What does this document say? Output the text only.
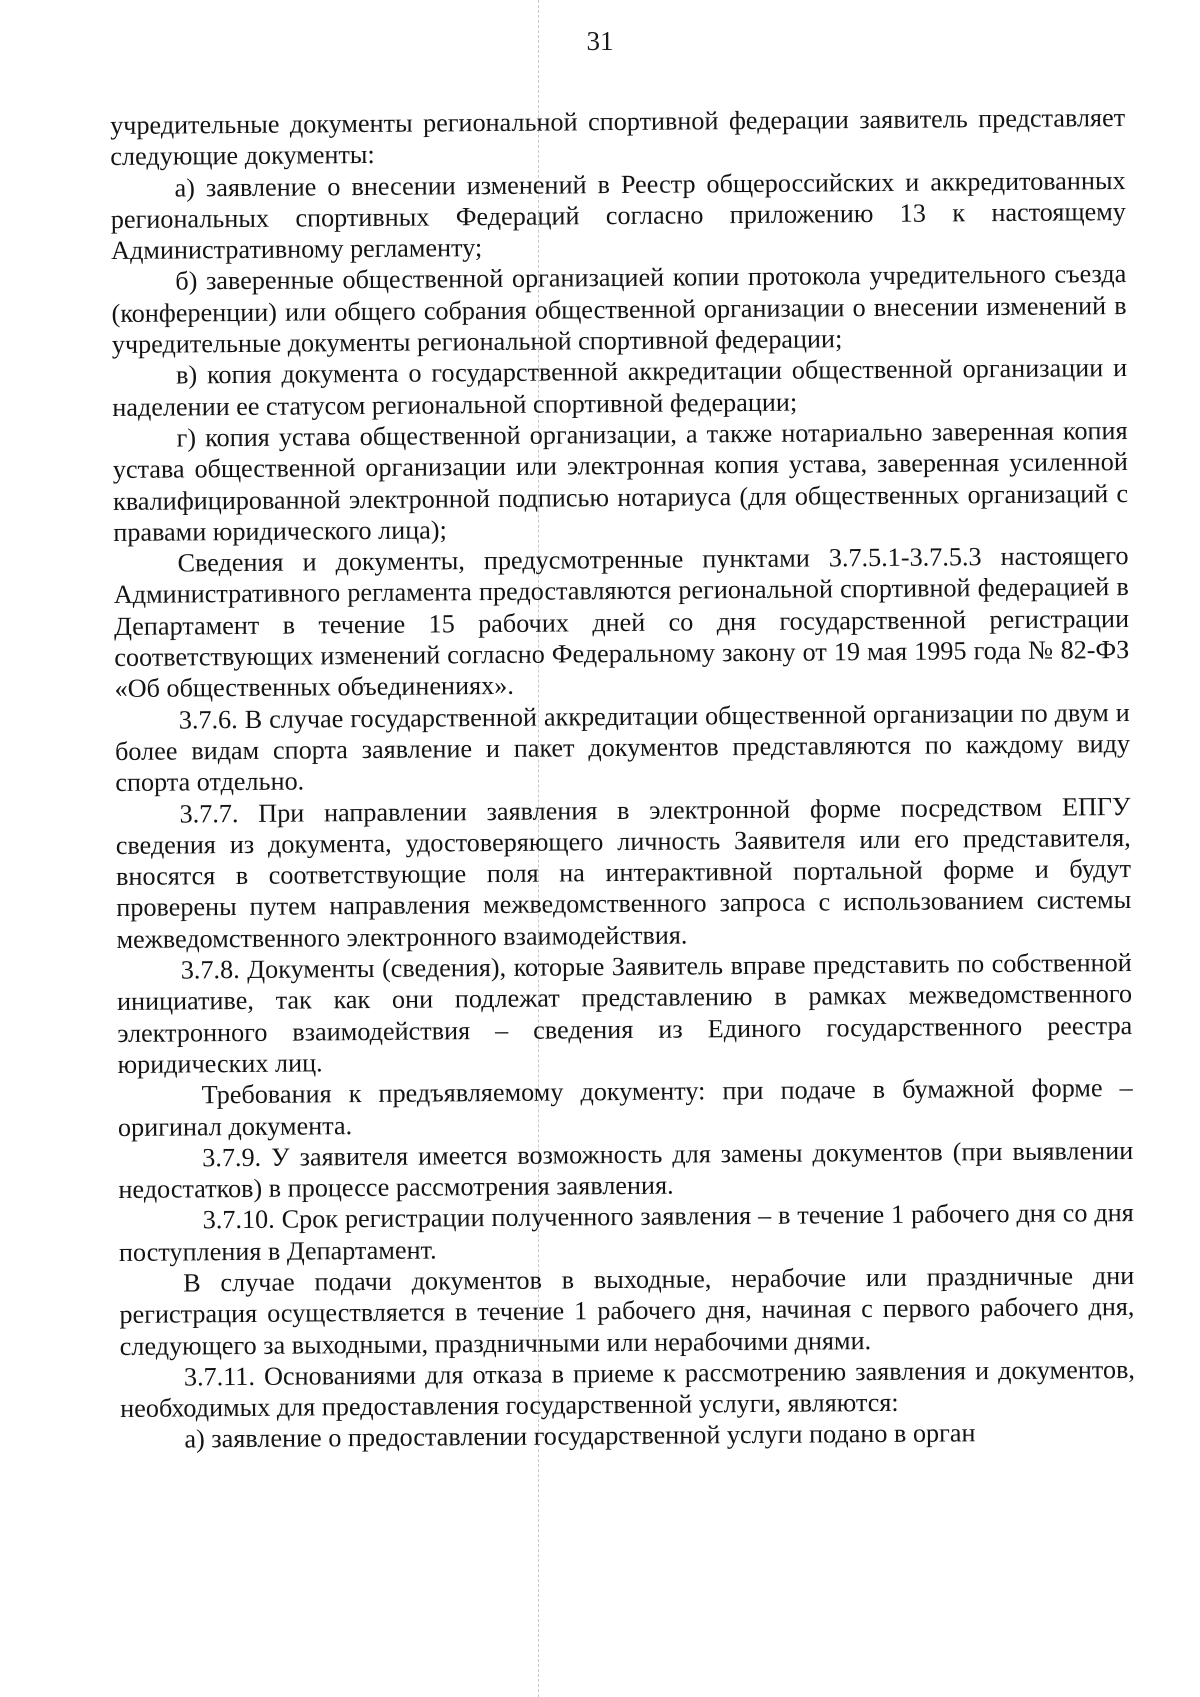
31

учредительные документы региональной спортивной федерации заявитель представляет следующие документы:

а) заявление о внесении изменений в Реестр общероссийских и аккредитованных региональных спортивных Федераций согласно приложению 13 к настоящему Административному регламенту;

б) заверенные общественной организацией копии протокола учредительного съезда (конференции) или общего собрания общественной организации о внесении изменений в учредительные документы региональной спортивной федерации;

в) копия документа о государственной аккредитации общественной организации и наделении ее статусом региональной спортивной федерации;

г) копия устава общественной организации, а также нотариально заверенная копия устава общественной организации или электронная копия устава, заверенная усиленной квалифицированной электронной подписью нотариуса (для общественных организаций с правами юридического лица);

Сведения и документы, предусмотренные пунктами 3.7.5.1-3.7.5.3 настоящего Административного регламента предоставляются региональной спортивной федерацией в Департамент в течение 15 рабочих дней со дня государственной регистрации соответствующих изменений согласно Федеральному закону от 19 мая 1995 года № 82-ФЗ «Об общественных объединениях».

3.7.6. В случае государственной аккредитации общественной организации по двум и более видам спорта заявление и пакет документов представляются по каждому виду спорта отдельно.

3.7.7. При направлении заявления в электронной форме посредством ЕПГУ сведения из документа, удостоверяющего личность Заявителя или его представителя, вносятся в соответствующие поля на интерактивной портальной форме и будут проверены путем направления межведомственного запроса с использованием системы межведомственного электронного взаимодействия.

3.7.8. Документы (сведения), которые Заявитель вправе представить по собственной инициативе, так как они подлежат представлению в рамках межведомственного электронного взаимодействия – сведения из Единого государственного реестра юридических лиц.

Требования к предъявляемому документу: при подаче в бумажной форме – оригинал документа.

3.7.9. У заявителя имеется возможность для замены документов (при выявлении недостатков) в процессе рассмотрения заявления.

3.7.10. Срок регистрации полученного заявления – в течение 1 рабочего дня со дня поступления в Департамент.

В случае подачи документов в выходные, нерабочие или праздничные дни регистрация осуществляется в течение 1 рабочего дня, начиная с первого рабочего дня, следующего за выходными, праздничными или нерабочими днями.

3.7.11. Основаниями для отказа в приеме к рассмотрению заявления и документов, необходимых для предоставления государственной услуги, являются:

а) заявление о предоставлении государственной услуги подано в орган
